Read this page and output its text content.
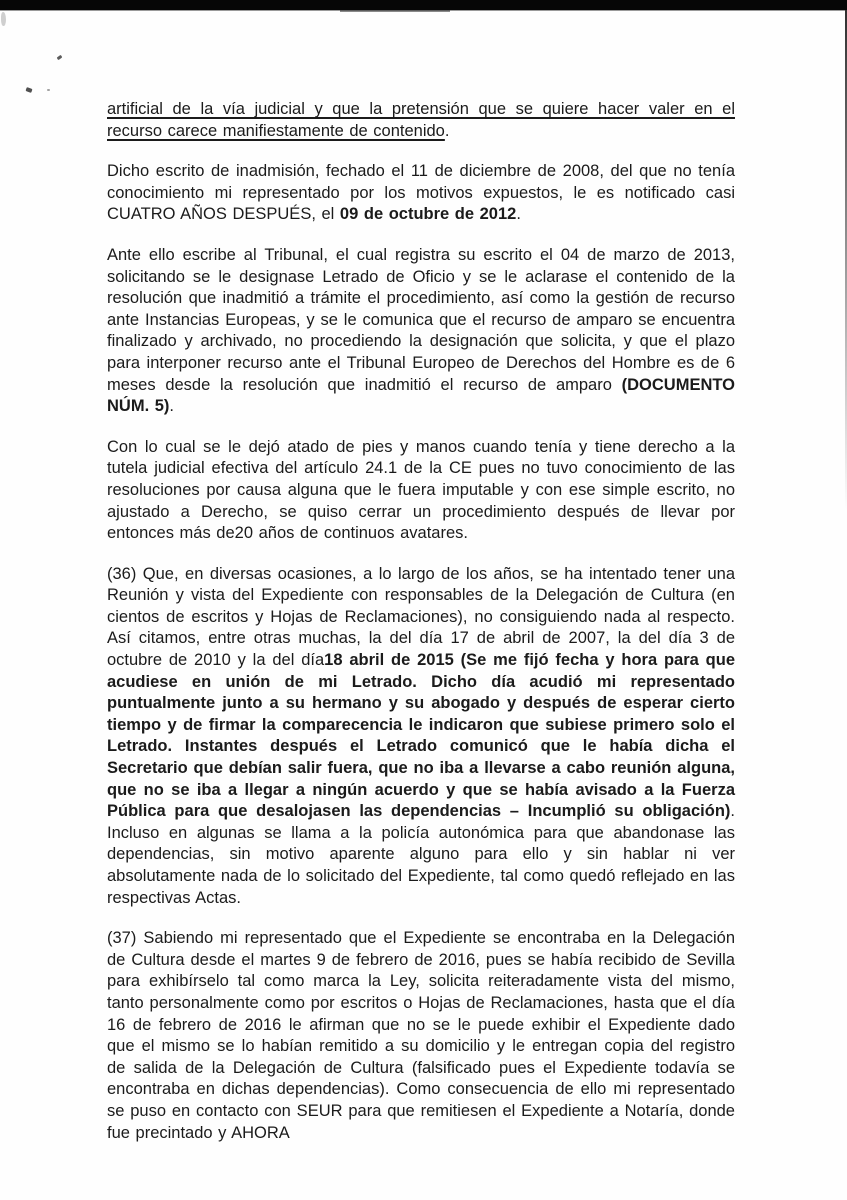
artificial de la vía judicial y que la pretensión que se quiere hacer valer en el recurso carece manifiestamente de contenido.

Dicho escrito de inadmisión, fechado el 11 de diciembre de 2008, del que no tenía conocimiento mi representado por los motivos expuestos, le es notificado casi CUATRO AÑOS DESPUÉS, el 09 de octubre de 2012.

Ante ello escribe al Tribunal, el cual registra su escrito el 04 de marzo de 2013, solicitando se le designase Letrado de Oficio y se le aclarase el contenido de la resolución que inadmitió a trámite el procedimiento, así como la gestión de recurso ante Instancias Europeas, y se le comunica que el recurso de amparo se encuentra finalizado y archivado, no procediendo la designación que solicita, y que el plazo para interponer recurso ante el Tribunal Europeo de Derechos del Hombre es de 6 meses desde la resolución que inadmitió el recurso de amparo (DOCUMENTO NÚM. 5).

Con lo cual se le dejó atado de pies y manos cuando tenía y tiene derecho a la tutela judicial efectiva del artículo 24.1 de la CE pues no tuvo conocimiento de las resoluciones por causa alguna que le fuera imputable y con ese simple escrito, no ajustado a Derecho, se quiso cerrar un procedimiento después de llevar por entonces más de20 años de continuos avatares.

(36) Que, en diversas ocasiones, a lo largo de los años, se ha intentado tener una Reunión y vista del Expediente con responsables de la Delegación de Cultura (en cientos de escritos y Hojas de Reclamaciones), no consiguiendo nada al respecto. Así citamos, entre otras muchas, la del día 17 de abril de 2007, la del día 3 de octubre de 2010 y la del día18 abril de 2015 (Se me fijó fecha y hora para que acudiese en unión de mi Letrado. Dicho día acudió mi representado puntualmente junto a su hermano y su abogado y después de esperar cierto tiempo y de firmar la comparecencia le indicaron que subiese primero solo el Letrado. Instantes después el Letrado comunicó que le había dicha el Secretario que debían salir fuera, que no iba a llevarse a cabo reunión alguna, que no se iba a llegar a ningún acuerdo y que se había avisado a la Fuerza Pública para que desalojasen las dependencias – Incumplió su obligación). Incluso en algunas se llama a la policía autonómica para que abandonase las dependencias, sin motivo aparente alguno para ello y sin hablar ni ver absolutamente nada de lo solicitado del Expediente, tal como quedó reflejado en las respectivas Actas.

(37) Sabiendo mi representado que el Expediente se encontraba en la Delegación de Cultura desde el martes 9 de febrero de 2016, pues se había recibido de Sevilla para exhibírselo tal como marca la Ley, solicita reiteradamente vista del mismo, tanto personalmente como por escritos o Hojas de Reclamaciones, hasta que el día 16 de febrero de 2016 le afirman que no se le puede exhibir el Expediente dado que el mismo se lo habían remitido a su domicilio y le entregan copia del registro de salida de la Delegación de Cultura (falsificado pues el Expediente todavía se encontraba en dichas dependencias). Como consecuencia de ello mi representado se puso en contacto con SEUR para que remitiesen el Expediente a Notaría, donde fue precintado y AHORA
